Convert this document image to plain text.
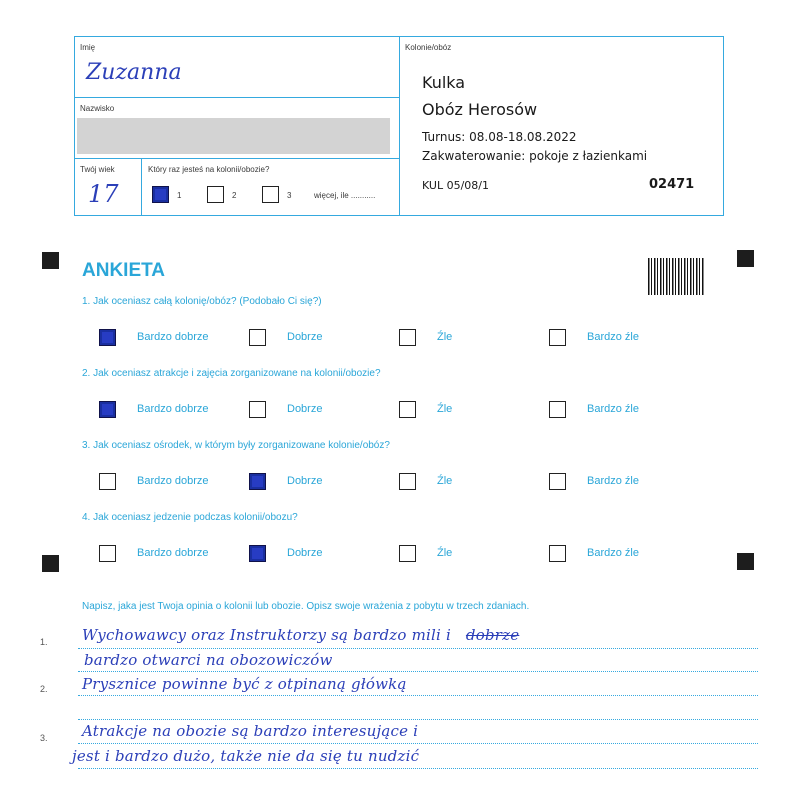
Imię
Zuzanna
Nazwisko
Twój wiek
17
Który raz jesteś na kolonii/obozie?
1	2	3	więcej, ile ...........
Kolonie/obóz
Kulka
Obóz Herosów
Turnus: 08.08-18.08.2022
Zakwaterowanie: pokoje z łazienkami
KUL 05/08/1	02471
ANKIETA
1. Jak oceniasz całą kolonię/obóz? (Podobało Ci się?)
Bardzo dobrze	Dobrze	Źle	Bardzo źle
2. Jak oceniasz atrakcje i zajęcia zorganizowane na kolonii/obozie?
Bardzo dobrze	Dobrze	Źle	Bardzo źle
3. Jak oceniasz ośrodek, w którym były zorganizowane kolonie/obóz?
Bardzo dobrze	Dobrze	Źle	Bardzo źle
4. Jak oceniasz jedzenie podczas kolonii/obozu?
Bardzo dobrze	Dobrze	Źle	Bardzo źle
Napisz, jaka jest Twoja opinia o kolonii lub obozie. Opisz swoje wrażenia z pobytu w trzech zdaniach.
1.
2.
3.
Wychowawcy oraz Instruktorzy są bardzo mili i dobrze
bardzo otwarci na obozowiczów
Prysznice powinne być z otpinaną główką
Atrakcje na obozie są bardzo interesujące i
jest i bardzo dużo, także nie da się tu nudzić
